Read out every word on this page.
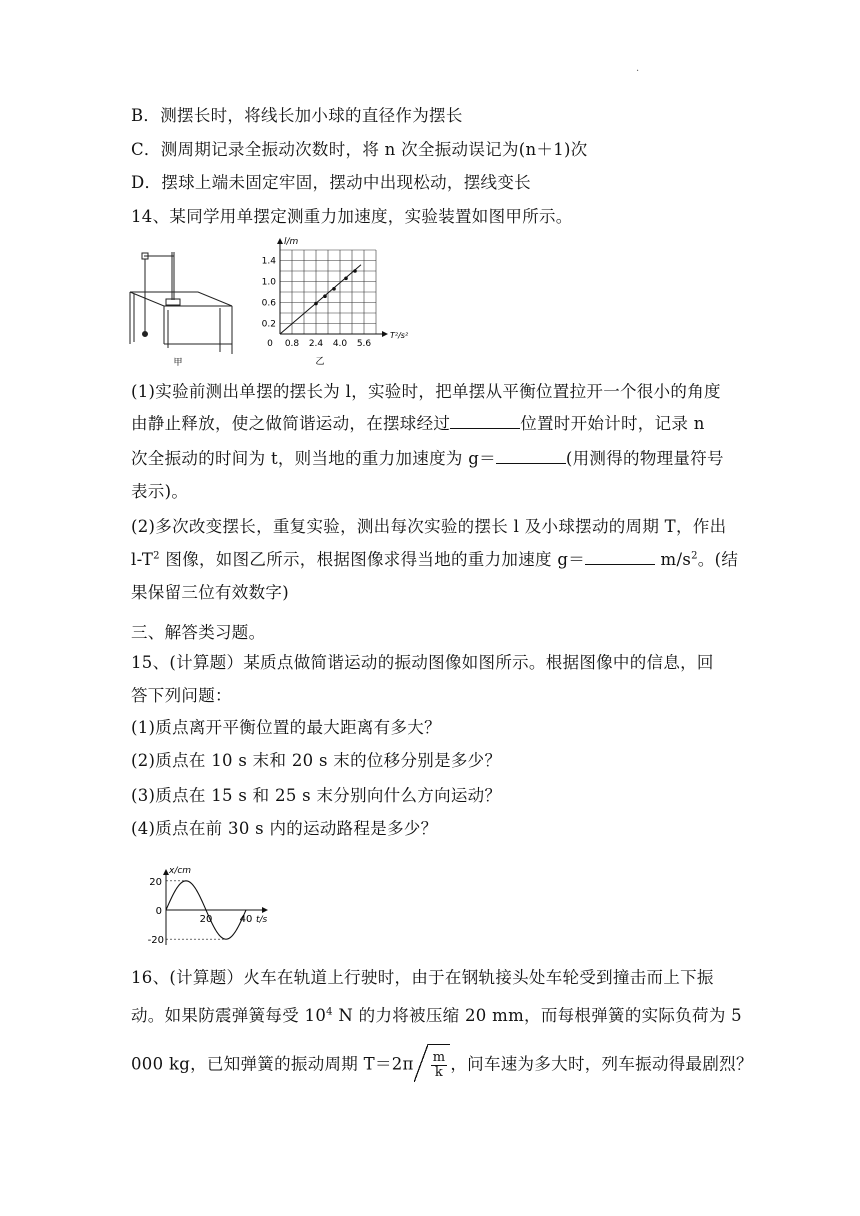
·
B．测摆长时，将线长加小球的直径作为摆长
C．测周期记录全振动次数时，将 n 次全振动误记为(n＋1)次
D．摆球上端未固定牢固，摆动中出现松动，摆线变长
14、某同学用单摆定测重力加速度，实验装置如图甲所示。
甲
0 0.8 2.4 4.0 5.6
0.2
0.6
1.0
1.4
l/m
T²/s²
乙
(1)实验前测出单摆的摆长为 l，实验时，把单摆从平衡位置拉开一个很小的角度
由静止释放，使之做简谐运动，在摆球经过	位置时开始计时，记录 n
次全振动的时间为 t，则当地的重力加速度为 g＝	(用测得的物理量符号
表示)。
(2)多次改变摆长，重复实验，测出每次实验的摆长 l 及小球摆动的周期 T，作出
$l-T^2$ 图像，如图乙所示，根据图像求得当地的重力加速度 g＝	$m/s^2$。(结
果保留三位有效数字)
三、解答类习题。
15、(计算题）某质点做简谐运动的振动图像如图所示。根据图像中的信息，回
答下列问题：
(1)质点离开平衡位置的最大距离有多大？
(2)质点在 10 s 末和 20 s 末的位移分别是多少？
(3)质点在 15 s 和 25 s 末分别向什么方向运动？
(4)质点在前 30 s 内的运动路程是多少？
20	40
20
0
-20
x/cm
t/s
16、(计算题）火车在轨道上行驶时，由于在钢轨接头处车轮受到撞击而上下振
动。如果防震弹簧每受 $10^4$ N 的力将被压缩 20 mm，而每根弹簧的实际负荷为 5
000 kg，已知弹簧的振动周期 $T=2\pi \frac{m}{k}$ ，问车速为多大时，列车振动得最剧烈？
